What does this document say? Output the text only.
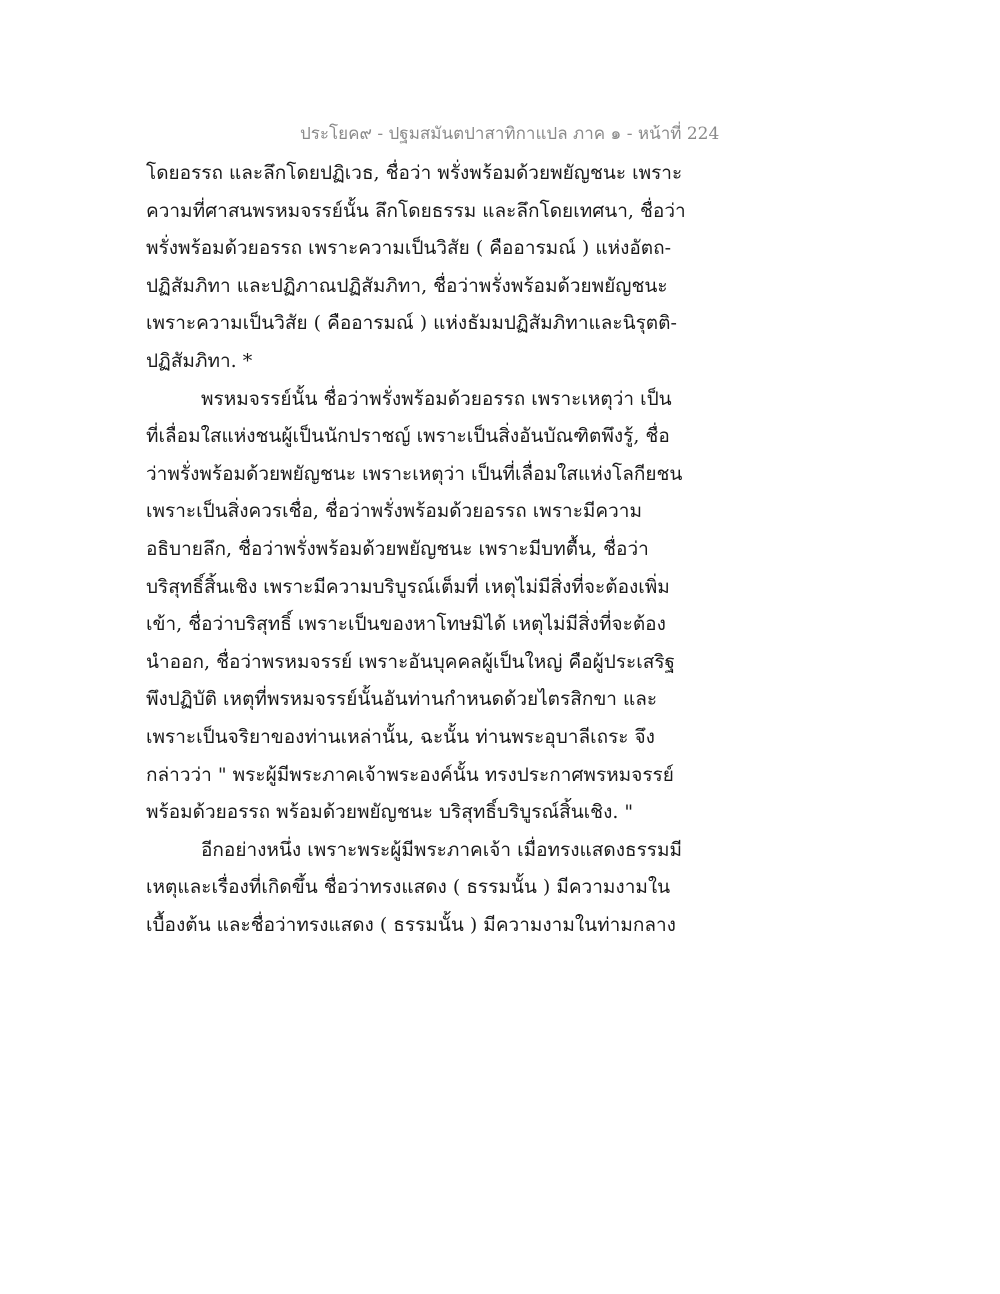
ประโยค๙ - ปฐมสมันตปาสาทิกาแปล ภาค ๑ - หน้าที่ 224
โดยอรรถ และลึกโดยปฏิเวธ, ชื่อว่า พรั่งพร้อมด้วยพยัญชนะ เพราะ
ความที่ศาสนพรหมจรรย์นั้น ลึกโดยธรรม และลึกโดยเทศนา, ชื่อว่า
พรั่งพร้อมด้วยอรรถ เพราะความเป็นวิสัย ( คืออารมณ์ ) แห่งอัตถ-
ปฏิสัมภิทา และปฏิภาณปฏิสัมภิทา, ชื่อว่าพรั่งพร้อมด้วยพยัญชนะ
เพราะความเป็นวิสัย ( คืออารมณ์ ) แห่งธัมมปฏิสัมภิทาและนิรุตติ-
ปฏิสัมภิทา. *
พรหมจรรย์นั้น ชื่อว่าพรั่งพร้อมด้วยอรรถ เพราะเหตุว่า เป็น
ที่เลื่อมใสแห่งชนผู้เป็นนักปราชญ์ เพราะเป็นสิ่งอันบัณฑิตพึงรู้, ชื่อ
ว่าพรั่งพร้อมด้วยพยัญชนะ เพราะเหตุว่า เป็นที่เลื่อมใสแห่งโลกียชน
เพราะเป็นสิ่งควรเชื่อ, ชื่อว่าพรั่งพร้อมด้วยอรรถ เพราะมีความ
อธิบายลึก, ชื่อว่าพรั่งพร้อมด้วยพยัญชนะ เพราะมีบทตื้น, ชื่อว่า
บริสุทธิ์สิ้นเชิง เพราะมีความบริบูรณ์เต็มที่ เหตุไม่มีสิ่งที่จะต้องเพิ่ม
เข้า, ชื่อว่าบริสุทธิ์ เพราะเป็นของหาโทษมิได้ เหตุไม่มีสิ่งที่จะต้อง
นำออก, ชื่อว่าพรหมจรรย์ เพราะอันบุคคลผู้เป็นใหญ่ คือผู้ประเสริฐ
พึงปฏิบัติ เหตุที่พรหมจรรย์นั้นอันท่านกำหนดด้วยไตรสิกขา และ
เพราะเป็นจริยาของท่านเหล่านั้น, ฉะนั้น ท่านพระอุบาลีเถระ จึง
กล่าวว่า " พระผู้มีพระภาคเจ้าพระองค์นั้น ทรงประกาศพรหมจรรย์
พร้อมด้วยอรรถ พร้อมด้วยพยัญชนะ บริสุทธิ์บริบูรณ์สิ้นเชิง. "
อีกอย่างหนึ่ง เพราะพระผู้มีพระภาคเจ้า เมื่อทรงแสดงธรรมมี
เหตุและเรื่องที่เกิดขึ้น ชื่อว่าทรงแสดง ( ธรรมนั้น ) มีความงามใน
เบื้องต้น และชื่อว่าทรงแสดง ( ธรรมนั้น ) มีความงามในท่ามกลาง
